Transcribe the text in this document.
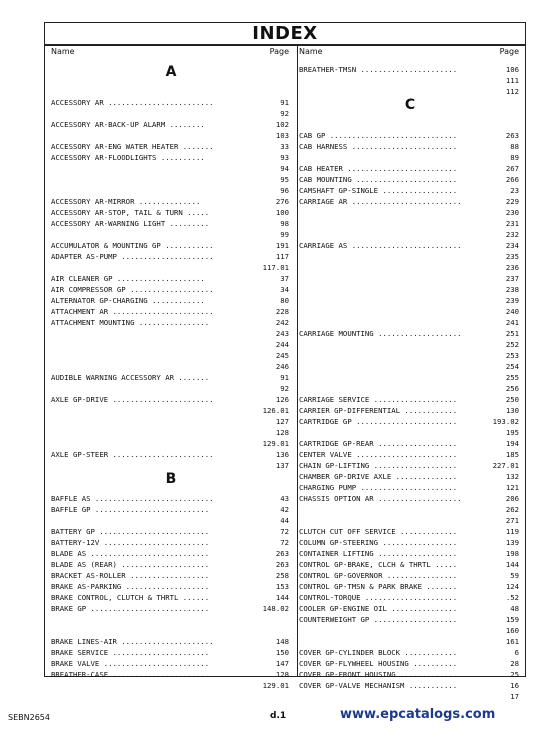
INDEX
Name	Page
A
ACCESSORY AR ........................	91
92
ACCESSORY AR-BACK-UP ALARM ........	102
103
ACCESSORY AR-ENG WATER HEATER .......	33
ACCESSORY AR-FLOODLIGHTS ..........	93
94
95
96
ACCESSORY AR-MIRROR ..............	276
ACCESSORY AR-STOP, TAIL & TURN .....	100
ACCESSORY AR-WARNING LIGHT .........	98
99
ACCUMULATOR & MOUNTING GP ...........	191
ADAPTER AS-PUMP .....................	117
117.01
AIR CLEANER GP ....................	37
AIR COMPRESSOR GP ...................	34
ALTERNATOR GP-CHARGING ............	80
ATTACHMENT AR .......................	228
ATTACHMENT MOUNTING ................	242
243
244
245
246
AUDIBLE WARNING ACCESSORY AR .......	91
92
AXLE GP-DRIVE .......................	126
126.01
127
128
129.01
AXLE GP-STEER .......................	136
137
B
BAFFLE AS ...........................	43
BAFFLE GP ..........................	42
44
BATTERY GP .........................	72
BATTERY-12V ........................	72
BLADE AS ...........................	263
BLADE AS (REAR) ....................	263
BRACKET AS-ROLLER ..................	258
BRAKE AS-PARKING ...................	153
BRAKE CONTROL, CLUTCH & THRTL ......	144
BRAKE GP ...........................	148.02
BRAKE LINES-AIR .....................	148
BRAKE SERVICE ......................	150
BRAKE VALVE ........................	147
BREATHER-CASE ......................	128
129.01
Name	Page
BREATHER-TMSN ......................	106
111
112
C
CAB GP .............................	263
CAB HARNESS ........................	88
89
CAB HEATER .........................	267
CAB MOUNTING .......................	266
CAMSHAFT GP-SINGLE .................	23
CARRIAGE AR .........................	229
230
231
232
CARRIAGE AS .........................	234
235
236
237
238
239
240
241
CARRIAGE MOUNTING ...................	251
252
253
254
255
256
CARRIAGE SERVICE ...................	250
CARRIER GP-DIFFERENTIAL ............	130
CARTRIDGE GP .......................	193.02
195
CARTRIDGE GP-REAR ..................	194
CENTER VALVE .......................	185
CHAIN GP-LIFTING ...................	227.01
CHAMBER GP-DRIVE AXLE ..............	132
CHARGING PUMP ......................	121
CHASSIS OPTION AR ...................	206
262
271
CLUTCH CUT OFF SERVICE .............	119
COLUMN GP-STEERING .................	139
CONTAINER LIFTING ..................	198
CONTROL GP-BRAKE, CLCH & THRTL .....	144
CONTROL GP-GOVERNOR ................	59
CONTROL GP-TMSN & PARK BRAKE .......	124
CONTROL-TORQUE .....................	.52
COOLER GP-ENGINE OIL ...............	48
COUNTERWEIGHT GP ...................	159
160
161
COVER GP-CYLINDER BLOCK ............	6
COVER GP-FLYWHEEL HOUSING ..........	28
COVER GP-FRONT HOUSING .............	25
COVER GP-VALVE MECHANISM ...........	16
17
SEBN2654	d.1	www.epcatalogs.com
